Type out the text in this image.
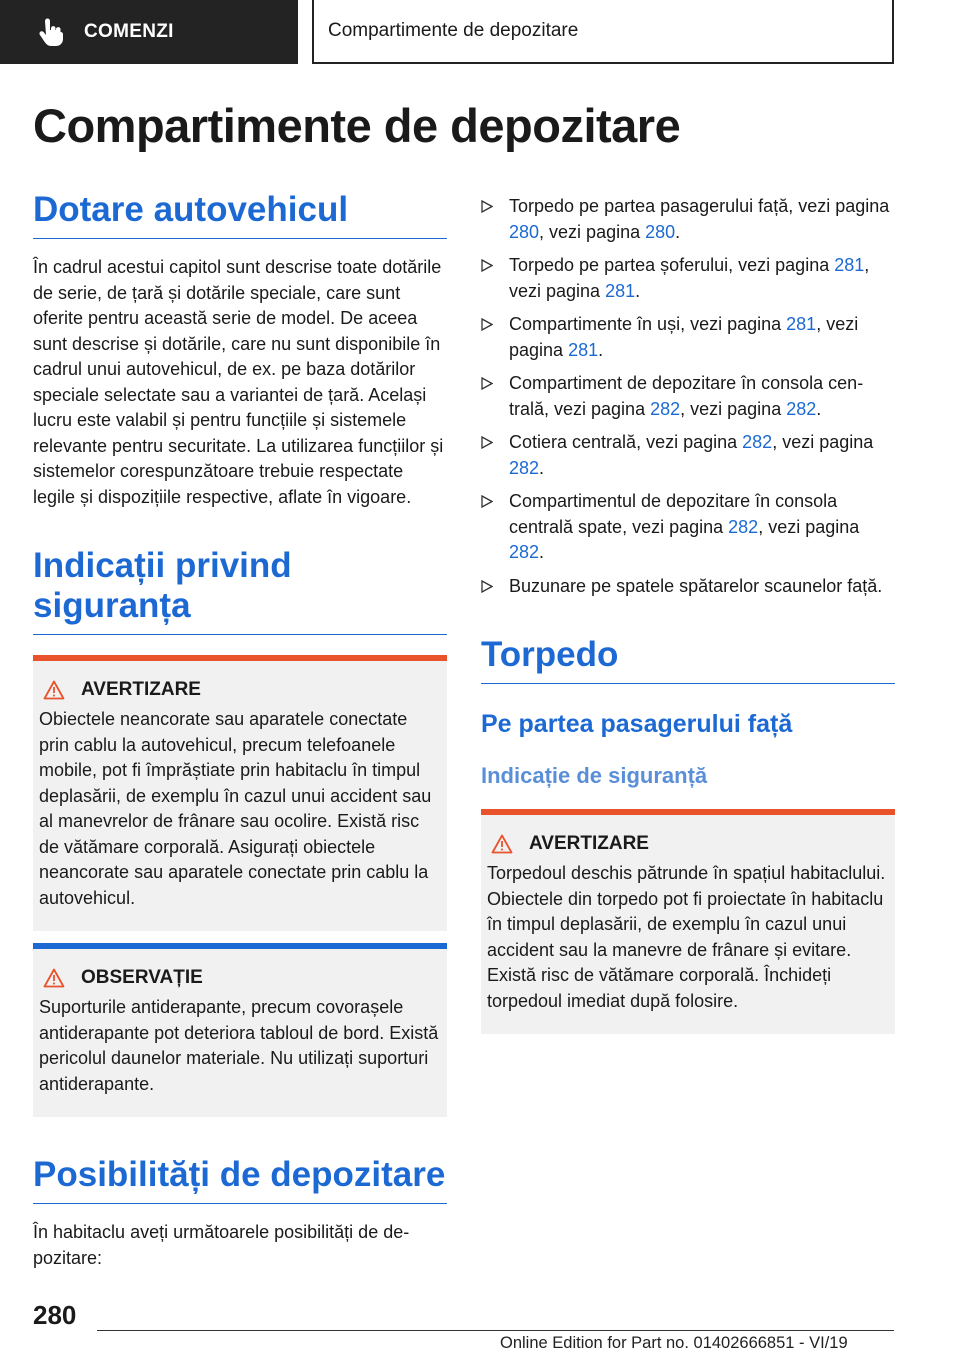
COMENZI	Compartimente de depozitare
Compartimente de depozitare
Dotare autovehicul

În cadrul acestui capitol sunt descrise toate dotările de serie, de țară și dotările speciale, care sunt oferite pentru această serie de model. De aceea sunt descrise și dotările, care nu sunt disponibile în cadrul unui autovehicul, de ex. pe baza dotărilor speciale selectate sau a variantei de țară. Același lucru este valabil și pentru funcțiile și sistemele relevante pentru securitate. La utilizarea funcțiilor și sistemelor corespunzătoare trebuie respectate legile și dispozițiile respective, aflate în vigoare.

Indicații privind siguranța
AVERTIZARE

Obiectele neancorate sau aparatele conectate prin cablu la autovehicul, precum telefoanele mobile, pot fi împrăștiate prin habitaclu în timpul deplasării, de exemplu în cazul unui accident sau al manevrelor de frânare sau ocolire. Există risc de vătămare corporală. Asigurați obiectele neancorate sau aparatele conectate prin cablu la autovehicul.

OBSERVAȚIE

Suporturile antiderapante, precum covorașele antiderapante pot deteriora tabloul de bord. Există pericolul daunelor materiale. Nu utilizați suporturi antiderapante.

Posibilități de depozitare

În habitaclu aveți următoarele posibilități de depozitare:

Torpedo pe partea pasagerului față, vezi pagina 280, vezi pagina 280.
Torpedo pe partea șoferului, vezi pagina 281, vezi pagina 281.
Compartimente în uși, vezi pagina 281, vezi pagina 281.
Compartiment de depozitare în consola centrală, vezi pagina 282, vezi pagina 282.
Cotiera centrală, vezi pagina 282, vezi pagina 282.
Compartimentul de depozitare în consola centrală spate, vezi pagina 282, vezi pagina 282.
Buzunare pe spatele spătarelor scaunelor față.
Torpedo
Pe partea pasagerului față
Indicație de siguranță
AVERTIZARE

Torpedoul deschis pătrunde în spațiul habitaclului. Obiectele din torpedo pot fi proiectate în habitaclu în timpul deplasării, de exemplu în cazul unui accident sau la manevre de frânare și evitare. Există risc de vătămare corporală. Închideți torpedoul imediat după folosire.

280
Online Edition for Part no. 01402666851 - VI/19
